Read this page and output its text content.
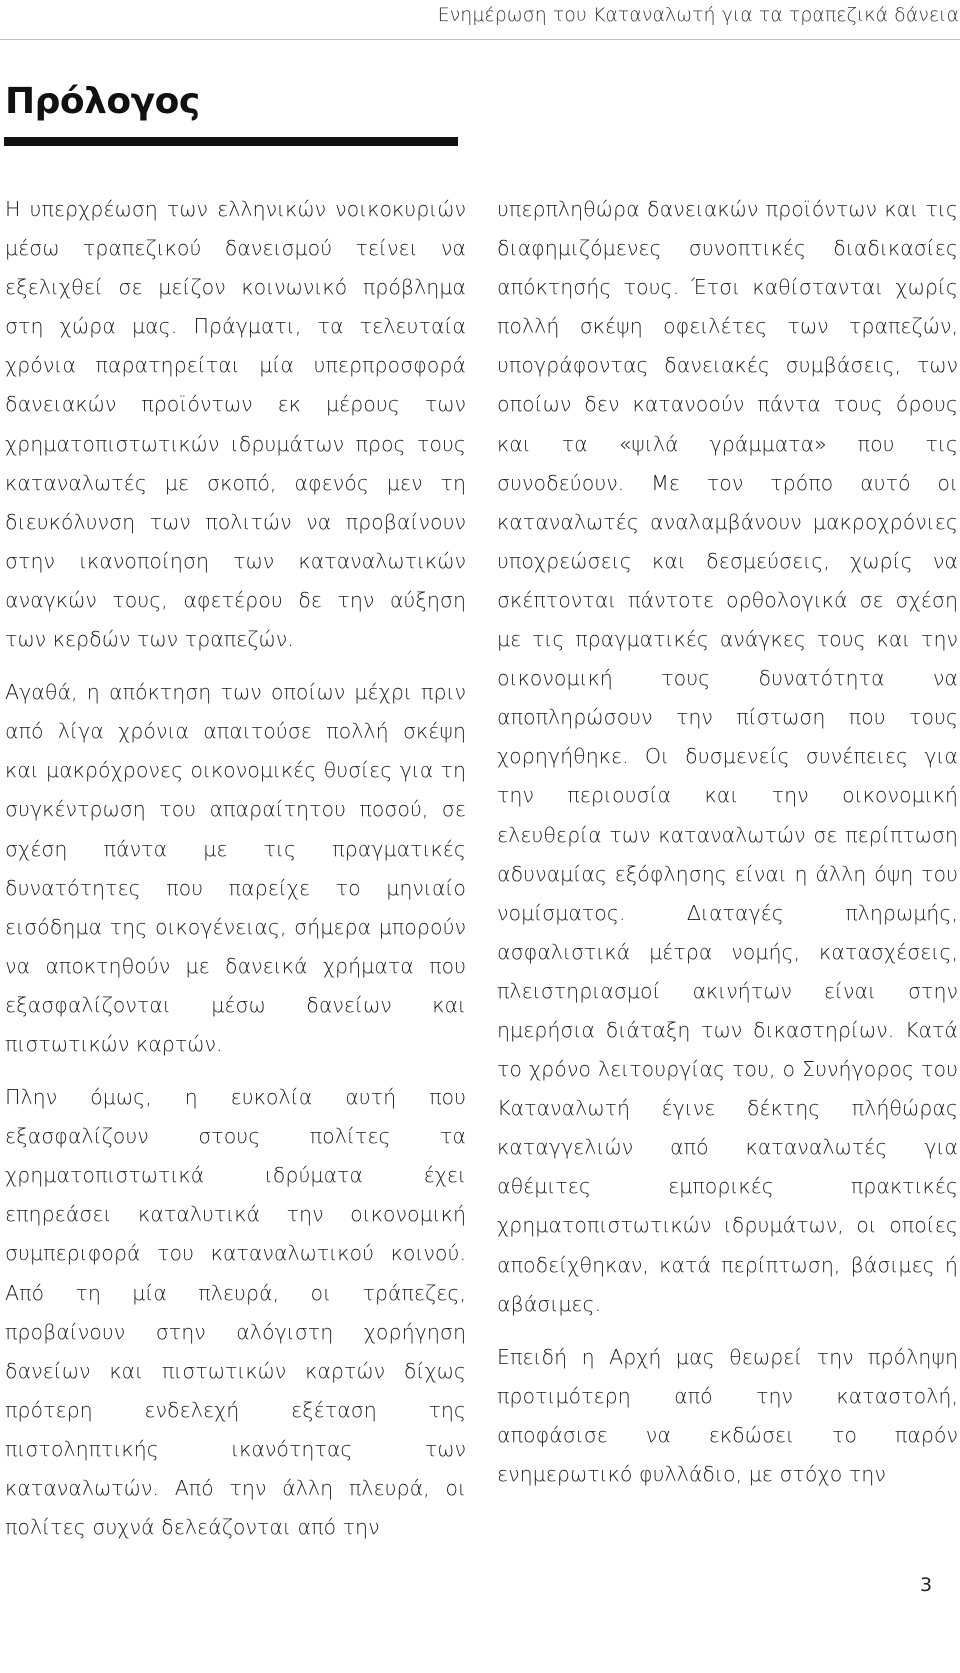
Ενημέρωση του Καταναλωτή για τα τραπεζικά δάνεια
Πρόλογος

Η υπερχρέωση των ελληνικών νοικοκυριών μέσω τραπεζικού δανεισμού τείνει να εξελιχθεί σε μείζον κοινωνικό πρόβλημα στη χώρα μας. Πράγματι, τα τελευταία χρόνια παρατηρείται μία υπερπροσφορά δανειακών προϊόντων εκ μέρους των χρηματοπιστωτικών ιδρυμάτων προς τους καταναλωτές με σκοπό, αφενός μεν τη διευκόλυνση των πολιτών να προβαίνουν στην ικανοποίηση των καταναλωτικών αναγκών τους, αφετέρου δε την αύξηση των κερδών των τραπεζών.

Αγαθά, η απόκτηση των οποίων μέχρι πριν από λίγα χρόνια απαιτούσε πολλή σκέψη και μακρόχρονες οικονομικές θυσίες για τη συγκέντρωση του απαραίτητου ποσού, σε σχέση πάντα με τις πραγματικές δυνατότητες που παρείχε το μηνιαίο εισόδημα της οικογένειας, σήμερα μπορούν να αποκτηθούν με δανεικά χρήματα που εξασφαλίζονται μέσω δανείων και πιστωτικών καρτών.

Πλην όμως, η ευκολία αυτή που εξασφαλίζουν στους πολίτες τα χρηματοπιστωτικά ιδρύματα έχει επηρεάσει καταλυτικά την οικονομική συμπεριφορά του καταναλωτικού κοινού. Από τη μία πλευρά, οι τράπεζες, προβαίνουν στην αλόγιστη χορήγηση δανείων και πιστωτικών καρτών δίχως πρότερη ενδελεχή εξέταση της πιστοληπτικής ικανότητας των καταναλωτών. Από την άλλη πλευρά, οι πολίτες συχνά δελεάζονται από την

υπερπληθώρα δανειακών προϊόντων και τις διαφημιζόμενες συνοπτικές διαδικασίες απόκτησής τους. Έτσι καθίστανται χωρίς πολλή σκέψη οφειλέτες των τραπεζών, υπογράφοντας δανειακές συμβάσεις, των οποίων δεν κατανοούν πάντα τους όρους και τα «ψιλά γράμματα» που τις συνοδεύουν. Με τον τρόπο αυτό οι καταναλωτές αναλαμβάνουν μακροχρόνιες υποχρεώσεις και δεσμεύσεις, χωρίς να σκέπτονται πάντοτε ορθολογικά σε σχέση με τις πραγματικές ανάγκες τους και την οικονομική τους δυνατότητα να αποπληρώσουν την πίστωση που τους χορηγήθηκε. Οι δυσμενείς συνέπειες για την περιουσία και την οικονομική ελευθερία των καταναλωτών σε περίπτωση αδυναμίας εξόφλησης είναι η άλλη όψη του νομίσματος. Διαταγές πληρωμής, ασφαλιστικά μέτρα νομής, κατασχέσεις, πλειστηριασμοί ακινήτων είναι στην ημερήσια διάταξη των δικαστηρίων. Κατά το χρόνο λειτουργίας του, ο Συνήγορος του Καταναλωτή έγινε δέκτης πλήθώρας καταγγελιών από καταναλωτές για αθέμιτες εμπορικές πρακτικές χρηματοπιστωτικών ιδρυμάτων, οι οποίες αποδείχθηκαν, κατά περίπτωση, βάσιμες ή αβάσιμες.

Επειδή η Αρχή μας θεωρεί την πρόληψη προτιμότερη από την καταστολή, αποφάσισε να εκδώσει το παρόν ενημερωτικό φυλλάδιο, με στόχο την

3
